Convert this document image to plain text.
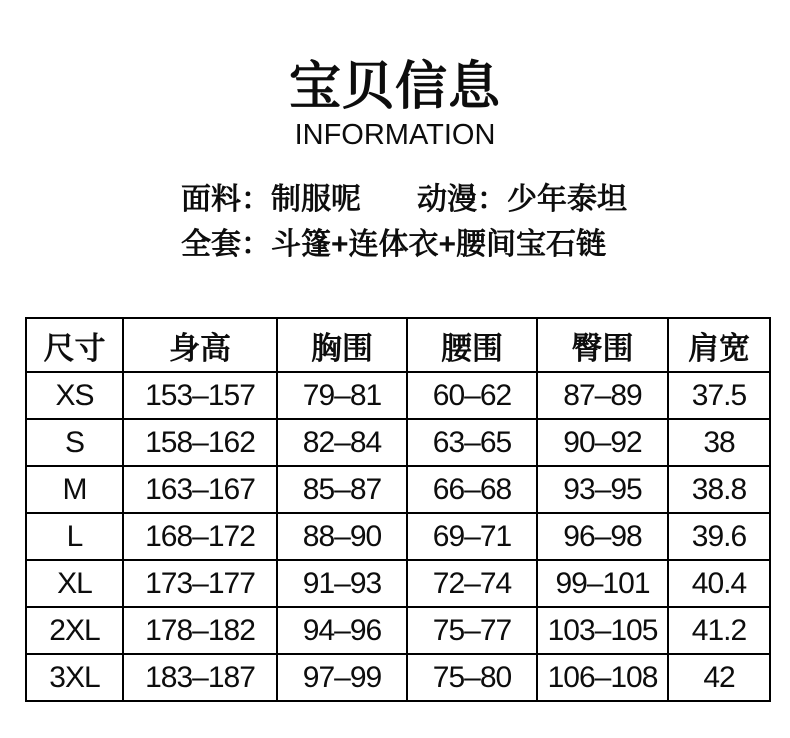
宝贝信息
INFORMATION
面料：制服呢 动漫：少年泰坦
全套：斗篷+连体衣+腰间宝石链
尺寸	身高	胸围	腰围	臀围	肩宽
XS	153–157	79–81	60–62	87–89	37.5
S	158–162	82–84	63–65	90–92	38
M	163–167	85–87	66–68	93–95	38.8
L	168–172	88–90	69–71	96–98	39.6
XL	173–177	91–93	72–74	99–101	40.4
2XL	178–182	94–96	75–77	103–105	41.2
3XL	183–187	97–99	75–80	106–108	42
